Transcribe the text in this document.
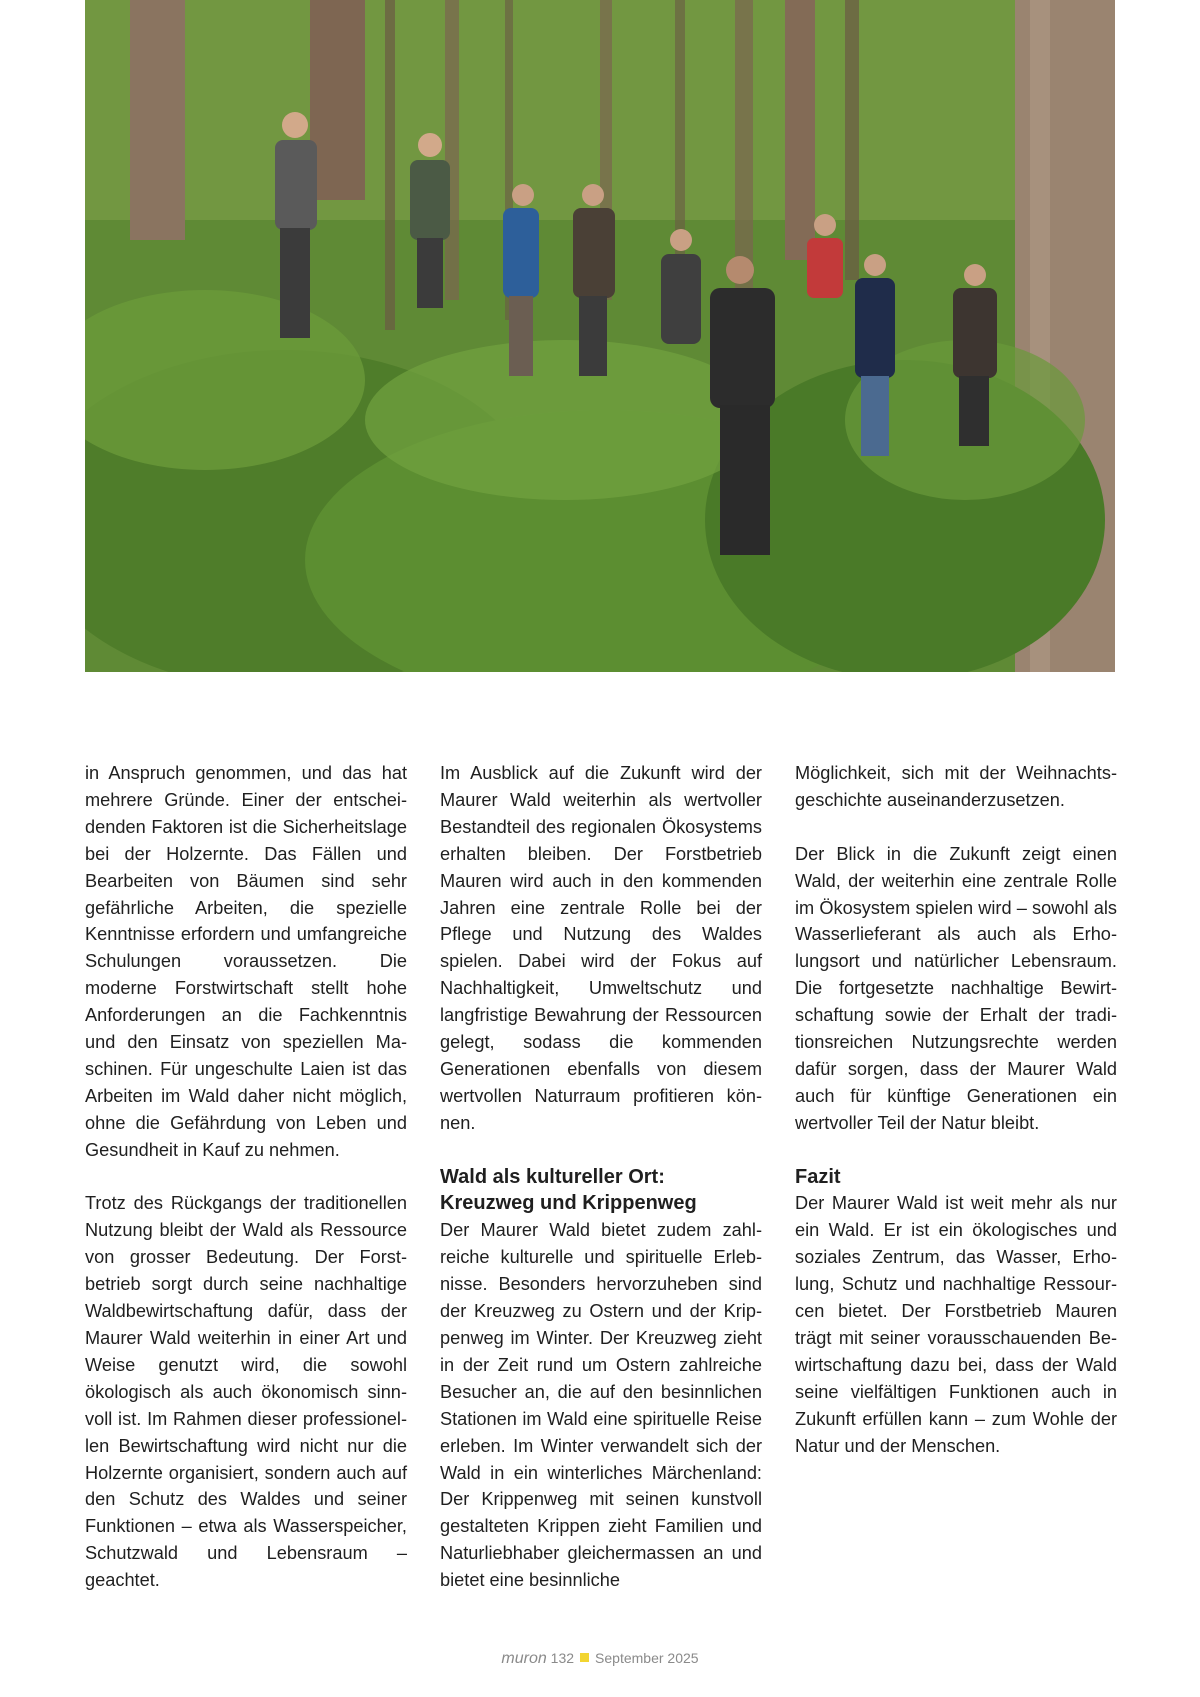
in Anspruch genommen, und das hat mehrere Gründe. Einer der entscheidenden Faktoren ist die Sicherheitslage bei der Holzernte. Das Fällen und Bearbeiten von Bäumen sind sehr gefährliche Arbeiten, die spezielle Kenntnisse erfordern und umfangreiche Schulungen voraussetzen. Die moderne Forstwirtschaft stellt hohe Anforderungen an die Fachkenntnis und den Einsatz von speziellen Maschinen. Für ungeschulte Laien ist das Arbeiten im Wald daher nicht möglich, ohne die Gefährdung von Leben und Gesundheit in Kauf zu nehmen.

Trotz des Rückgangs der traditionellen Nutzung bleibt der Wald als Ressource von grosser Bedeutung. Der Forstbetrieb sorgt durch seine nachhaltige Waldbewirtschaftung dafür, dass der Maurer Wald weiterhin in einer Art und Weise genutzt wird, die sowohl ökologisch als auch ökonomisch sinnvoll ist. Im Rahmen dieser professionellen Bewirtschaftung wird nicht nur die Holzernte organisiert, sondern auch auf den Schutz des Waldes und seiner Funktionen – etwa als Wasserspeicher, Schutzwald und Lebensraum – geachtet.

Im Ausblick auf die Zukunft wird der Maurer Wald weiterhin als wertvoller Bestandteil des regionalen Ökosystems erhalten bleiben. Der Forstbetrieb Mauren wird auch in den kommenden Jahren eine zentrale Rolle bei der Pflege und Nutzung des Waldes spielen. Dabei wird der Fokus auf Nachhaltigkeit, Umweltschutz und langfristige Bewahrung der Ressourcen gelegt, sodass die kommenden Generationen ebenfalls von diesem wertvollen Naturraum profitieren können.

Wald als kultureller Ort:
Kreuzweg und Krippenweg

Der Maurer Wald bietet zudem zahlreiche kulturelle und spirituelle Erlebnisse. Besonders hervorzuheben sind der Kreuzweg zu Ostern und der Krippenweg im Winter. Der Kreuzweg zieht in der Zeit rund um Ostern zahlreiche Besucher an, die auf den besinnlichen Stationen im Wald eine spirituelle Reise erleben. Im Winter verwandelt sich der Wald in ein winterliches Märchenland: Der Krippenweg mit seinen kunstvoll gestalteten Krippen zieht Familien und Naturliebhaber gleichermassen an und bietet eine besinnliche

Möglichkeit, sich mit der Weihnachtsgeschichte auseinanderzusetzen.

Der Blick in die Zukunft zeigt einen Wald, der weiterhin eine zentrale Rolle im Ökosystem spielen wird – sowohl als Wasserlieferant als auch als Erholungsort und natürlicher Lebensraum. Die fortgesetzte nachhaltige Bewirtschaftung sowie der Erhalt der traditionsreichen Nutzungsrechte werden dafür sorgen, dass der Maurer Wald auch für künftige Generationen ein wertvoller Teil der Natur bleibt.

Fazit

Der Maurer Wald ist weit mehr als nur ein Wald. Er ist ein ökologisches und soziales Zentrum, das Wasser, Erholung, Schutz und nachhaltige Ressourcen bietet. Der Forstbetrieb Mauren trägt mit seiner vorausschauenden Bewirtschaftung dazu bei, dass der Wald seine vielfältigen Funktionen auch in Zukunft erfüllen kann – zum Wohle der Natur und der Menschen.

muron 132 September 2025
